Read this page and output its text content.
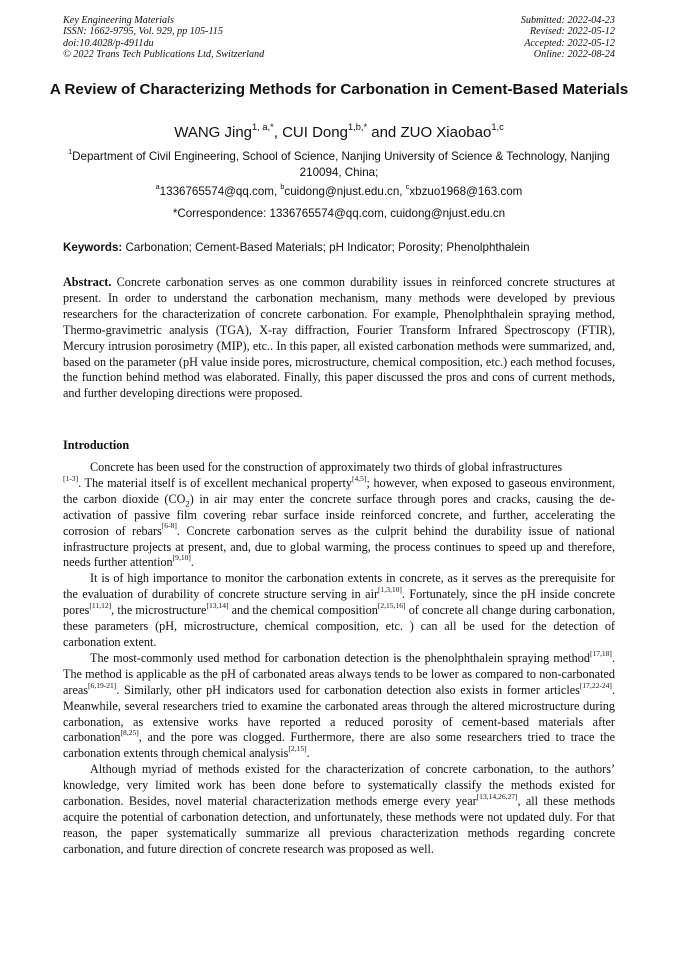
Key Engineering Materials
ISSN: 1662-9795, Vol. 929, pp 105-115
doi:10.4028/p-4911du
© 2022 Trans Tech Publications Ltd, Switzerland
Submitted: 2022-04-23
Revised: 2022-05-12
Accepted: 2022-05-12
Online: 2022-08-24
A Review of Characterizing Methods for Carbonation in Cement-Based Materials
WANG Jing$^{1, a,*}$, CUI Dong$^{1,b,*}$ and ZUO Xiaobao$^{1,c}$
$^1$Department of Civil Engineering, School of Science, Nanjing University of Science & Technology, Nanjing 210094, China;
$^a$1336765574@qq.com, $^b$cuidong@njust.edu.cn, $^c$xbzuo1968@163.com
*Correspondence: 1336765574@qq.com, cuidong@njust.edu.cn
Keywords: Carbonation; Cement-Based Materials; pH Indicator; Porosity; Phenolphthalein
Abstract. Concrete carbonation serves as one common durability issues in reinforced concrete structures at present. In order to understand the carbonation mechanism, many methods were developed by previous researchers for the characterization of concrete carbonation. For example, Phenolphthalein spraying method, Thermo-gravimetric analysis (TGA), X-ray diffraction, Fourier Transform Infrared Spectroscopy (FTIR), Mercury intrusion porosimetry (MIP), etc.. In this paper, all existed carbonation methods were summarized, and, based on the parameter (pH value inside pores, microstructure, chemical composition, etc.) each method focuses, the function behind method was elaborated. Finally, this paper discussed the pros and cons of current methods, and further developing directions were proposed.
Introduction

Concrete has been used for the construction of approximately two thirds of global infrastructures
[1-3]. The material itself is of excellent mechanical property[4,5]; however, when exposed to gaseous environment, the carbon dioxide $(CO_2)$ in air may enter the concrete surface through pores and cracks, causing the de-activation of passive film covering rebar surface inside reinforced concrete, and further, accelerating the corrosion of rebars[6-8]. Concrete carbonation serves as the culprit behind the durability issue of national infrastructure projects at present, and, due to global warming, the process continues to speed up and therefore, needs further attention[9,10].

It is of high importance to monitor the carbonation extents in concrete, as it serves as the prerequisite for the evaluation of durability of concrete structure serving in air[1,3,10]. Fortunately, since the pH inside concrete pores[11,12], the microstructure[13,14] and the chemical composition[2,15,16] of concrete all change during carbonation, these parameters (pH, microstructure, chemical composition, etc. ) can all be used for the detection of carbonation extent.

The most-commonly used method for carbonation detection is the phenolphthalein spraying method[17,18]. The method is applicable as the pH of carbonated areas always tends to be lower as compared to non-carbonated areas[6,19-21]. Similarly, other pH indicators used for carbonation detection also exists in former articles[17,22-24]. Meanwhile, several researchers tried to examine the carbonated areas through the altered microstructure during carbonation, as extensive works have reported a reduced porosity of cement-based materials after carbonation[8,25], and the pore was clogged. Furthermore, there are also some researchers tried to trace the carbonation extents through chemical analysis[2,15].

Although myriad of methods existed for the characterization of concrete carbonation, to the authors’ knowledge, very limited work has been done before to systematically classify the methods existed for carbonation. Besides, novel material characterization methods emerge every year[13,14,26,27], all these methods acquire the potential of carbonation detection, and unfortunately, these methods were not updated duly. For that reason, the paper systematically summarize all previous characterization methods regarding concrete carbonation, and future direction of concrete research was proposed as well.
